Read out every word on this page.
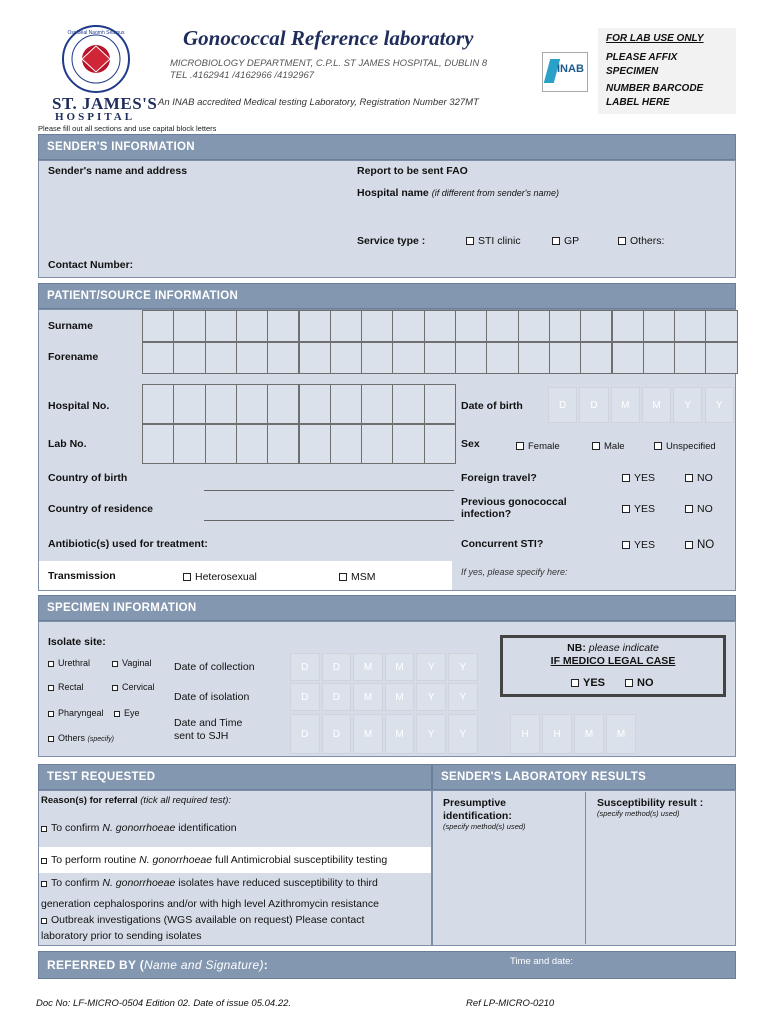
Ospidéal Naomh Séamus
ST. JAMES'S
HOSPITAL
Gonococcal Reference laboratory
MICROBIOLOGY DEPARTMENT, C.P.L. ST JAMES HOSPITAL, DUBLIN 8
TEL .4162941 /4162966 /4192967
An INAB accredited Medical testing Laboratory, Registration Number 327MT
INAB
FOR LAB USE ONLY
PLEASE AFFIX
SPECIMEN
NUMBER BARCODE
LABEL HERE
Please fill out all sections and use capital block letters
SENDER'S INFORMATION
Sender's name and address	Report to be sent FAO
Hospital name (if different from sender's name)
Service type :	STI clinic	GP	Others:
Contact Number:
PATIENT/SOURCE INFORMATION
Surname
Forename
Hospital No.	Date of birth	D	D	M	M	Y	Y
Lab No.	Sex	Female	Male	Unspecified
Country of birth	Foreign travel?	YES	NO
Country of residence
Previous gonococcal
infection?	YES	NO
Antibiotic(s) used for treatment:	Concurrent STI?	YES	NO
Transmission	Heterosexual	MSM	If yes, please specify here:
SPECIMEN INFORMATION
Isolate site:
Urethral	Vaginal
Rectal	Cervical
Pharyngeal	Eye
Others (specify)
Date of collection	D	D	M	M	Y	Y
Date of isolation	D	D	M	M	Y	Y
Date and Time
sent to SJH	D	D	M	M	Y	Y	H	H	M	M
NB: please indicate
IF MEDICO LEGAL CASE
YES	NO
TEST REQUESTED	SENDER'S LABORATORY RESULTS
Reason(s) for referral (tick all required test):
To confirm N. gonorrhoeae identification
To perform routine N. gonorrhoeae full Antimicrobial susceptibility testing
To confirm N. gonorrhoeae isolates have reduced susceptibility to third
generation cephalosporins and/or with high level Azithromycin resistance
Outbreak investigations (WGS available on request) Please contact
laboratory prior to sending isolates
Presumptive
identification:
(specify method(s) used)
Susceptibility result :
(specify method(s) used)
REFERRED BY (Name and Signature):	Time and date:
Doc No: LF-MICRO-0504 Edition 02. Date of issue 05.04.22.	Ref LP-MICRO-0210
